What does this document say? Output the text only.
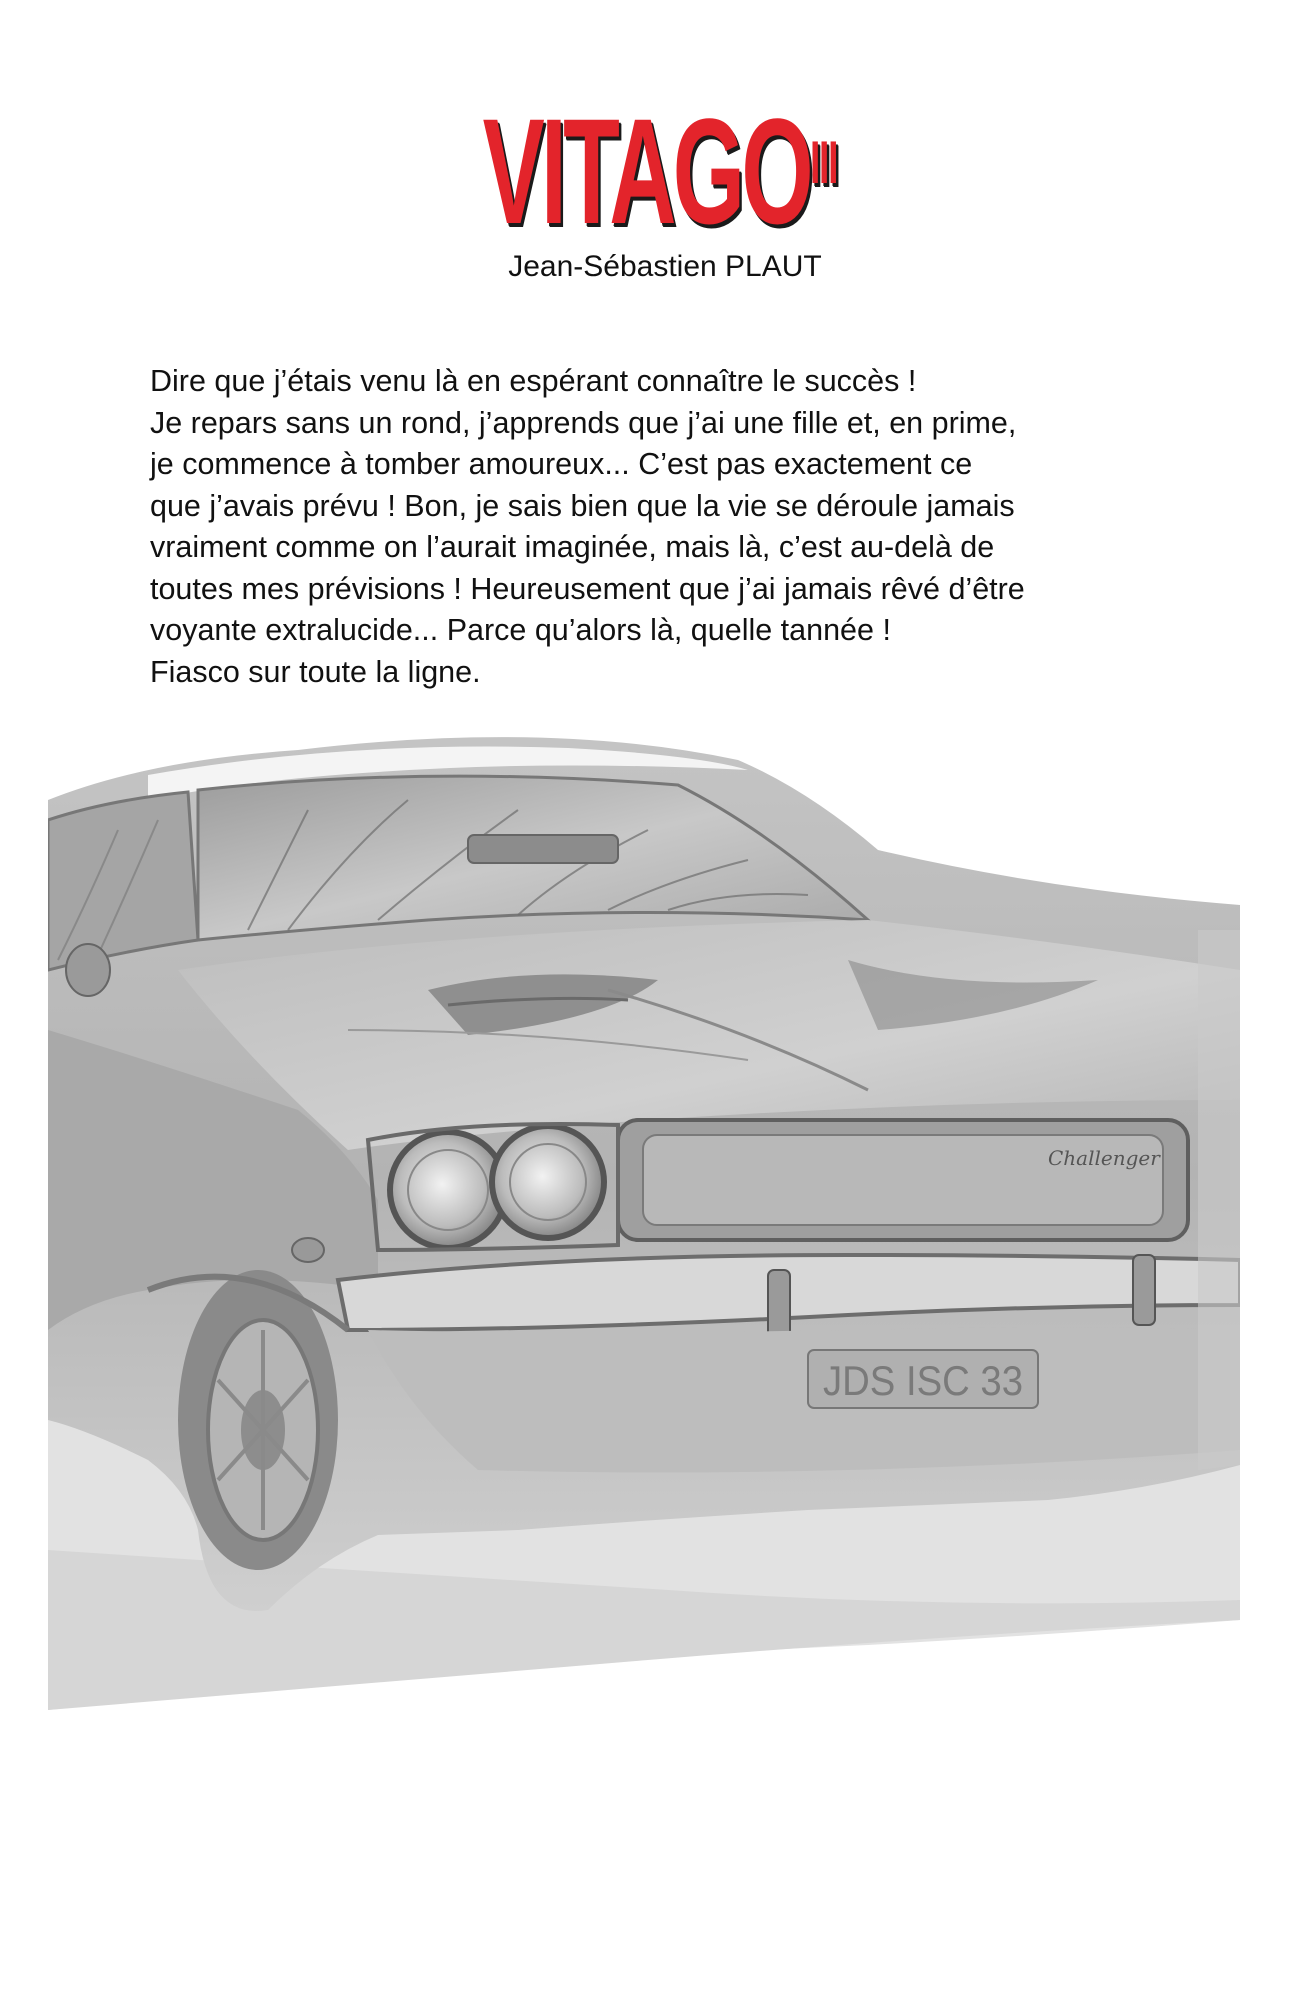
$VITAGO^{III}$
Jean-Sébastien PLAUT

Dire que j’étais venu là en espérant connaître le succès !

Je repars sans un rond, j’apprends que j’ai une fille et, en prime,

je commence à tomber amoureux... C’est pas exactement ce

que j’avais prévu ! Bon, je sais bien que la vie se déroule jamais

vraiment comme on l’aurait imaginée, mais là, c’est au-delà de

toutes mes prévisions ! Heureusement que j’ai jamais rêvé d’être

voyante extralucide... Parce qu’alors là, quelle tannée !

Fiasco sur toute la ligne.

Challenger
JDS ISC 33
